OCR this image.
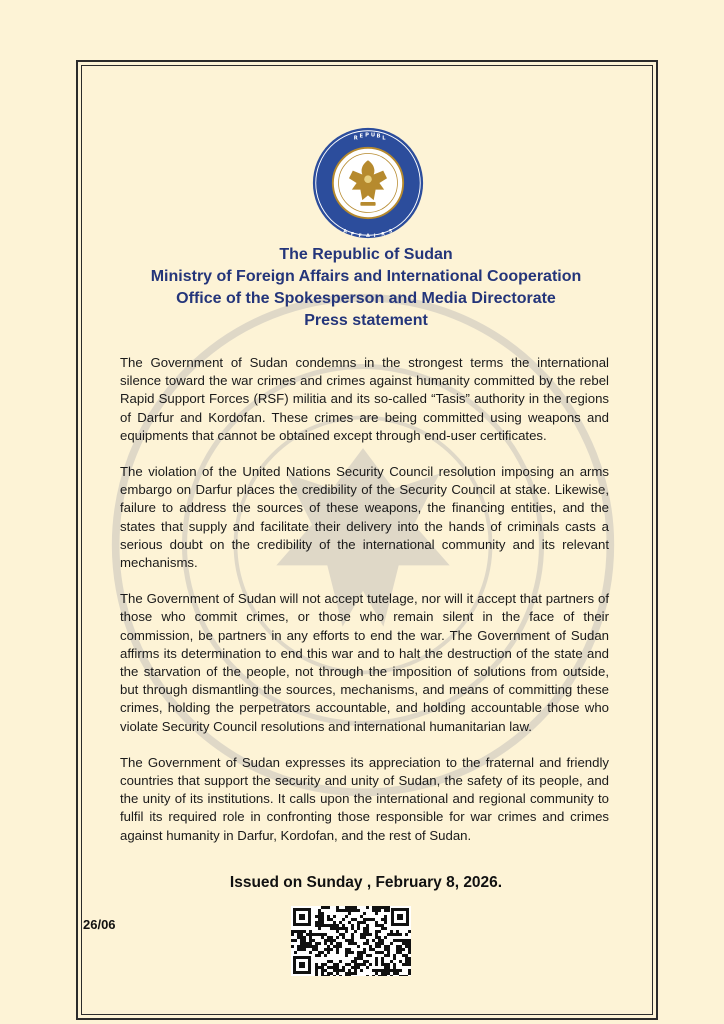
R E P U B L
A
F F A I R
S
The Republic of Sudan
Ministry of Foreign Affairs and International Cooperation
Office of the Spokesperson and Media Directorate
Press statement

The Government of Sudan condemns in the strongest terms the international silence toward the war crimes and crimes against humanity committed by the rebel Rapid Support Forces (RSF) militia and its so-called “Tasis” authority in the regions of Darfur and Kordofan. These crimes are being committed using weapons and equipments that cannot be obtained except through end-user certificates.

The violation of the United Nations Security Council resolution imposing an arms embargo on Darfur places the credibility of the Security Council at stake. Likewise, failure to address the sources of these weapons, the financing entities, and the states that supply and facilitate their delivery into the hands of criminals casts a serious doubt on the credibility of the international community and its relevant mechanisms.

The Government of Sudan will not accept tutelage, nor will it accept that partners of those who commit crimes, or those who remain silent in the face of their commission, be partners in any efforts to end the war. The Government of Sudan affirms its determination to end this war and to halt the destruction of the state and the starvation of the people, not through the imposition of solutions from outside, but through dismantling the sources, mechanisms, and means of committing these crimes, holding the perpetrators accountable, and holding accountable those who violate Security Council resolutions and international humanitarian law.

The Government of Sudan expresses its appreciation to the fraternal and friendly countries that support the security and unity of Sudan, the safety of its people, and the unity of its institutions. It calls upon the international and regional community to fulfil its required role in confronting those responsible for war crimes and crimes against humanity in Darfur, Kordofan, and the rest of Sudan.

Issued on Sunday , February 8, 2026.
26/06
